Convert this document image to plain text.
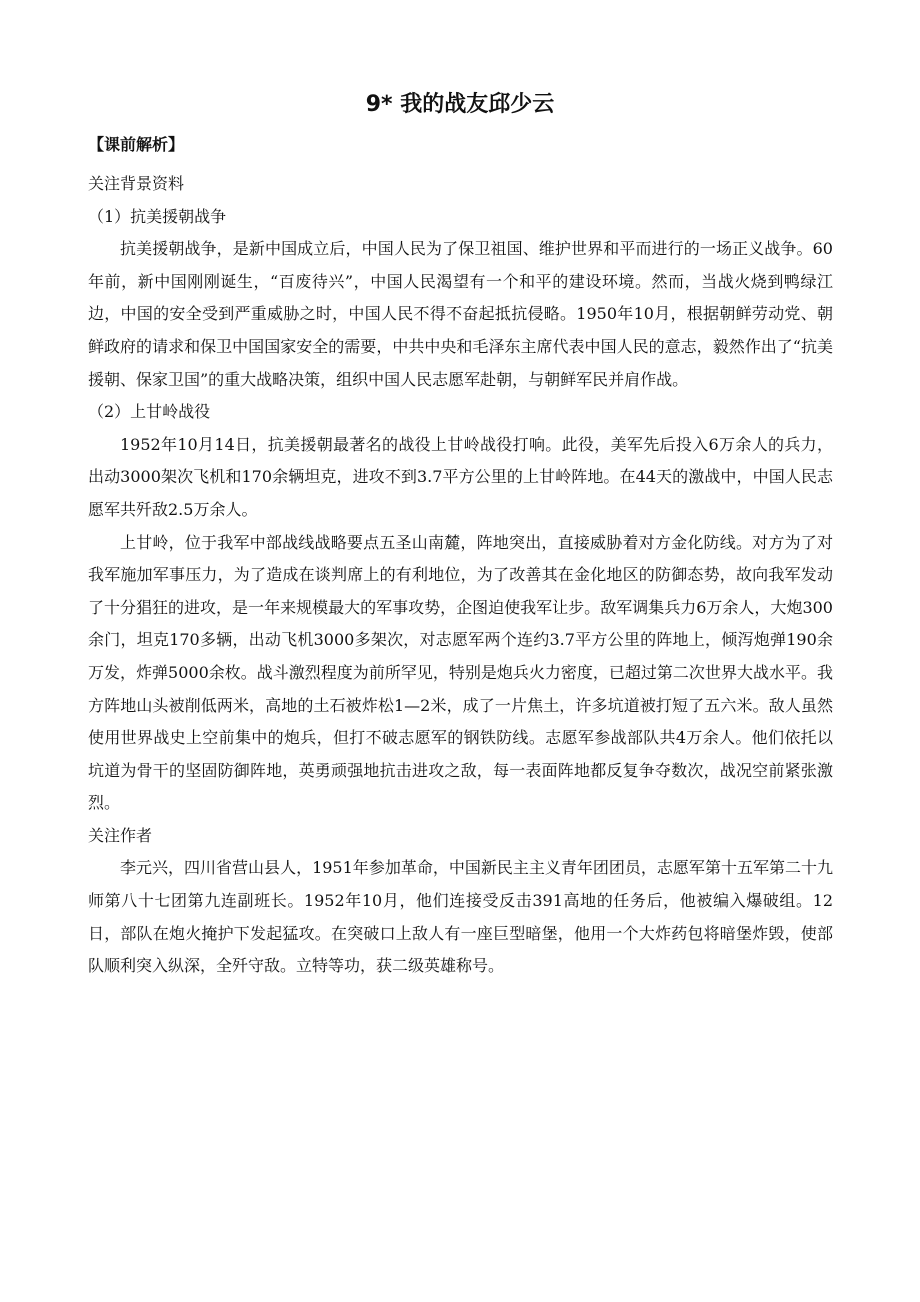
9* 我的战友邱少云
【课前解析】

关注背景资料

（1）抗美援朝战争

抗美援朝战争，是新中国成立后，中国人民为了保卫祖国、维护世界和平而进行的一场正义战争。60年前，新中国刚刚诞生，“百废待兴”，中国人民渴望有一个和平的建设环境。然而，当战火烧到鸭绿江边，中国的安全受到严重威胁之时，中国人民不得不奋起抵抗侵略。1950年10月，根据朝鲜劳动党、朝鲜政府的请求和保卫中国国家安全的需要，中共中央和毛泽东主席代表中国人民的意志，毅然作出了“抗美援朝、保家卫国”的重大战略决策，组织中国人民志愿军赴朝，与朝鲜军民并肩作战。

（2）上甘岭战役

1952年10月14日，抗美援朝最著名的战役上甘岭战役打响。此役，美军先后投入6万余人的兵力，出动3000架次飞机和170余辆坦克，进攻不到3.7平方公里的上甘岭阵地。在44天的激战中，中国人民志愿军共歼敌2.5万余人。

上甘岭，位于我军中部战线战略要点五圣山南麓，阵地突出，直接威胁着对方金化防线。对方为了对我军施加军事压力，为了造成在谈判席上的有利地位，为了改善其在金化地区的防御态势，故向我军发动了十分猖狂的进攻，是一年来规模最大的军事攻势，企图迫使我军让步。敌军调集兵力6万余人，大炮300余门，坦克170多辆，出动飞机3000多架次，对志愿军两个连约3.7平方公里的阵地上，倾泻炮弹190余万发，炸弹5000余枚。战斗激烈程度为前所罕见，特别是炮兵火力密度，已超过第二次世界大战水平。我方阵地山头被削低两米，高地的土石被炸松1—2米，成了一片焦土，许多坑道被打短了五六米。敌人虽然使用世界战史上空前集中的炮兵，但打不破志愿军的钢铁防线。志愿军参战部队共4万余人。他们依托以坑道为骨干的坚固防御阵地，英勇顽强地抗击进攻之敌，每一表面阵地都反复争夺数次，战况空前紧张激烈。

关注作者

李元兴，四川省营山县人，1951年参加革命，中国新民主主义青年团团员，志愿军第十五军第二十九师第八十七团第九连副班长。1952年10月，他们连接受反击391高地的任务后，他被编入爆破组。12日，部队在炮火掩护下发起猛攻。在突破口上敌人有一座巨型暗堡，他用一个大炸药包将暗堡炸毁，使部队顺利突入纵深，全歼守敌。立特等功，获二级英雄称号。
